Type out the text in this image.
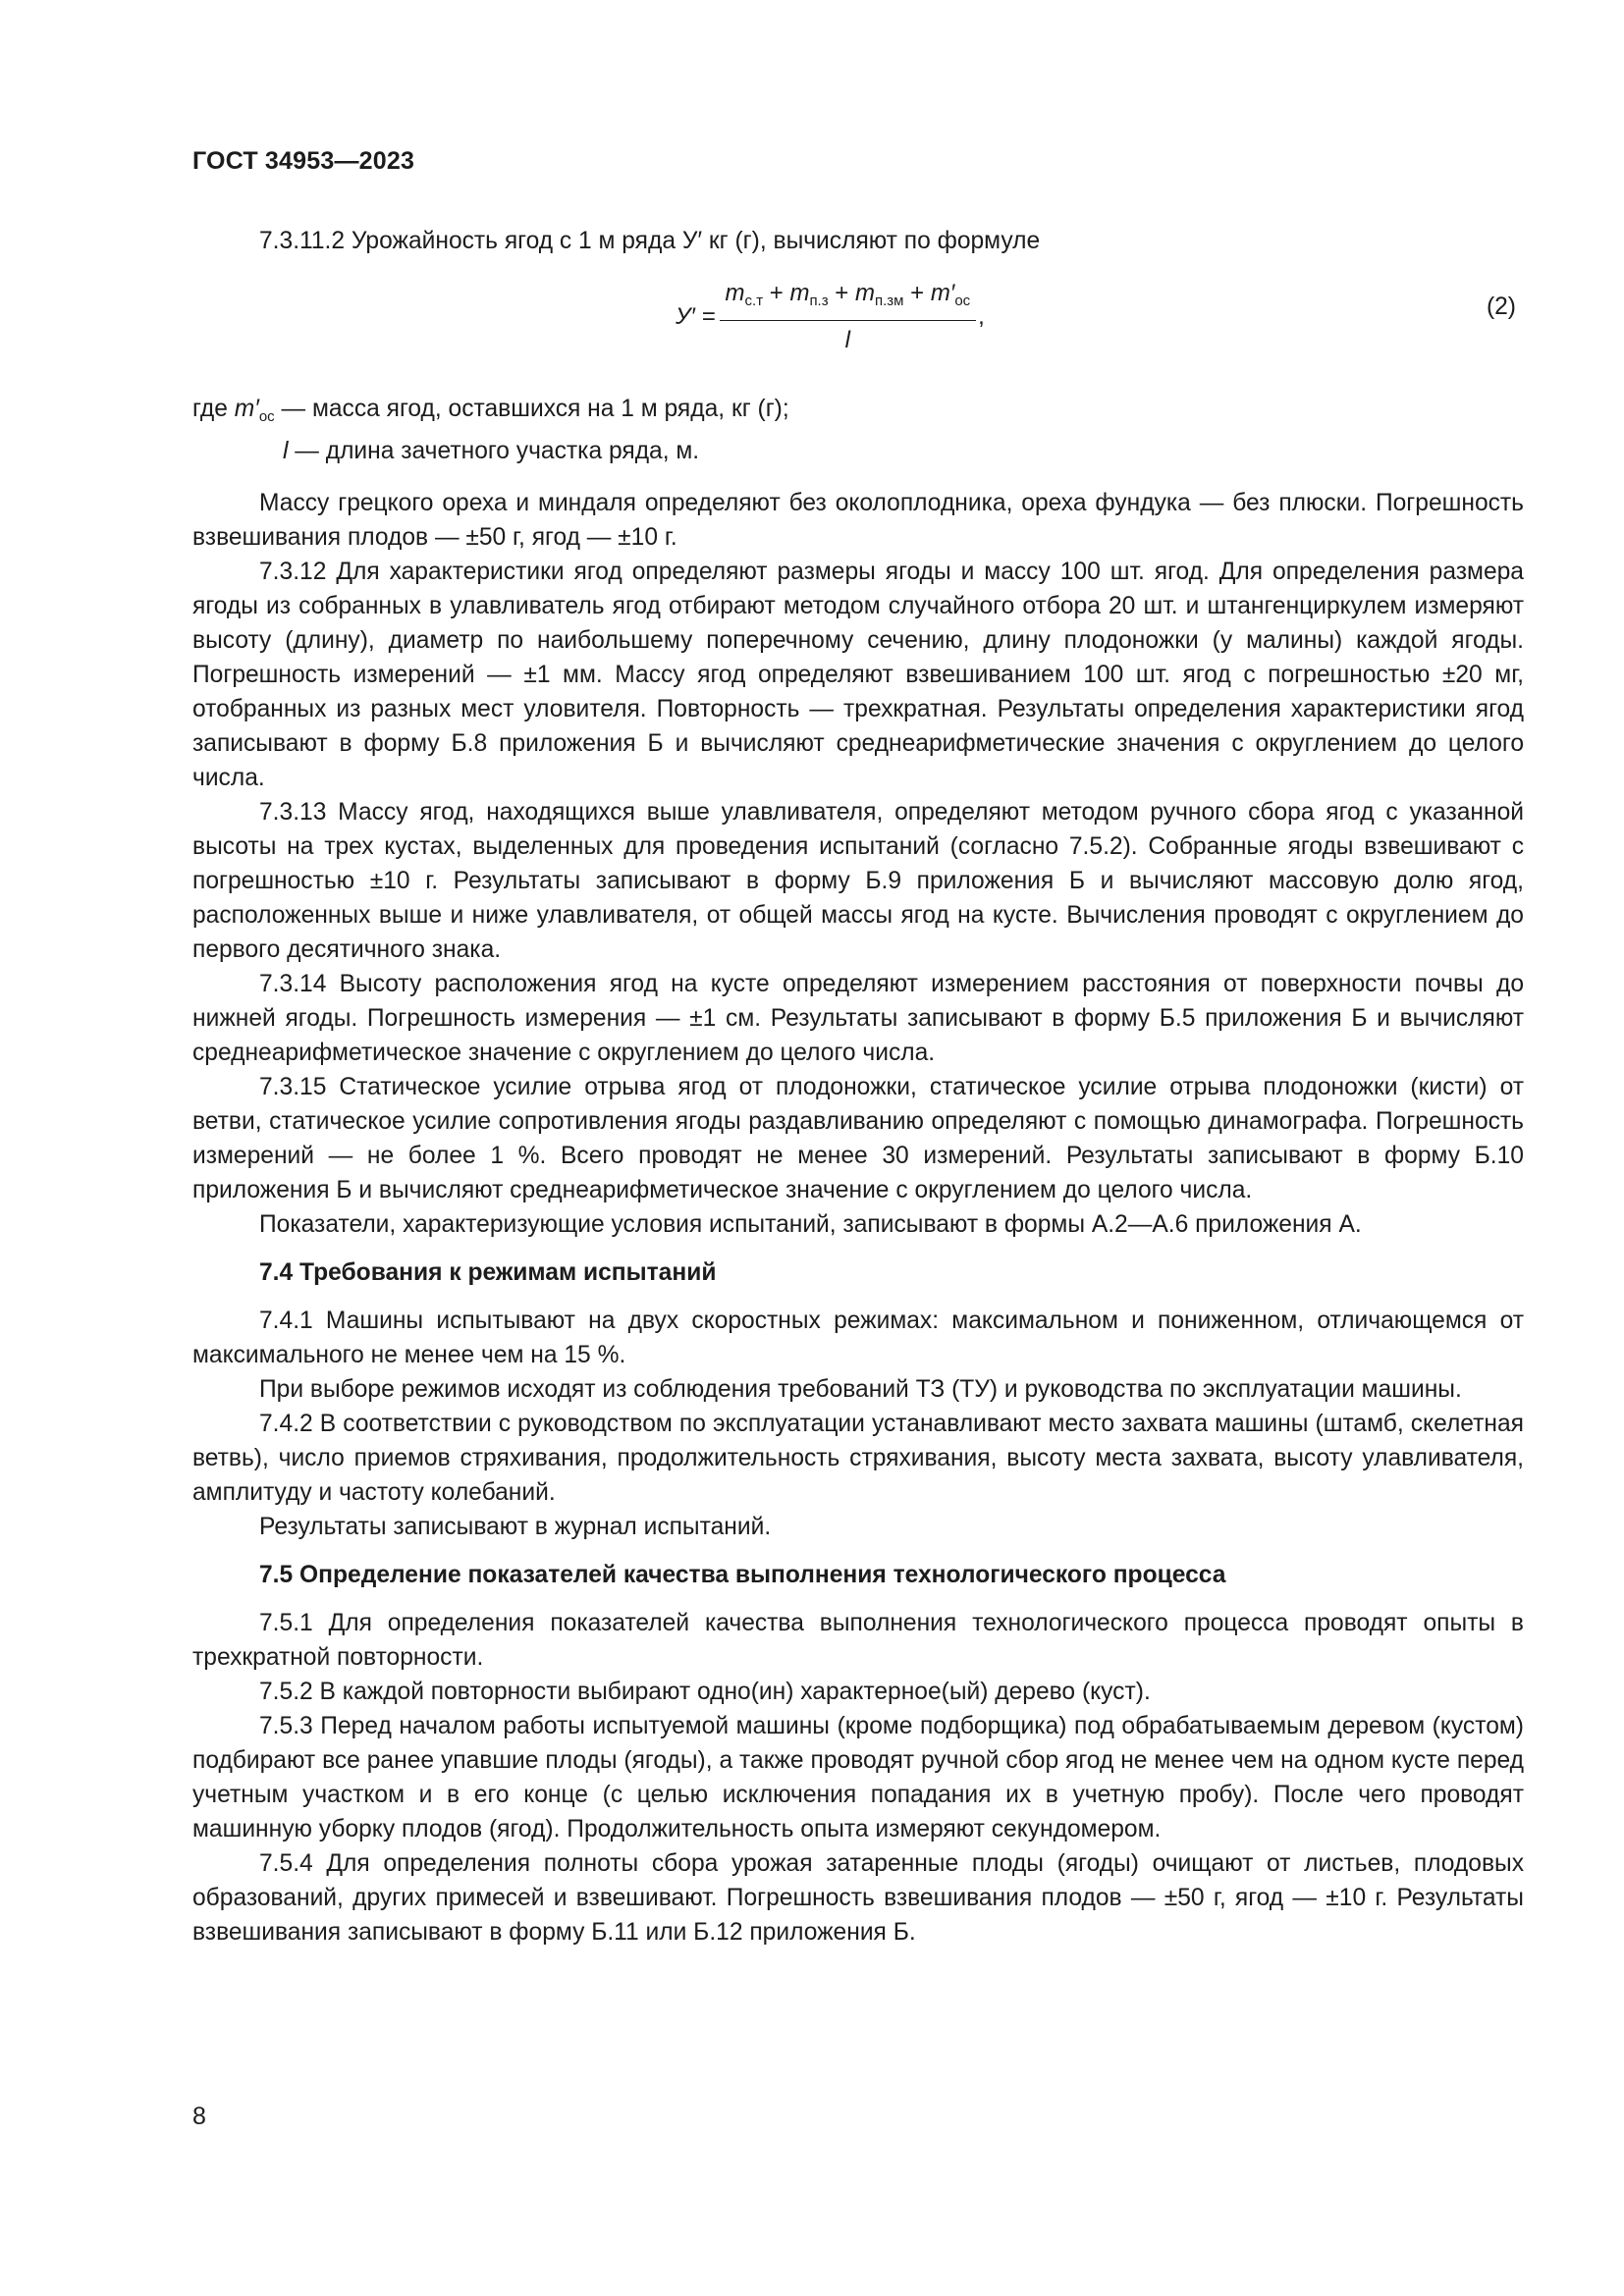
ГОСТ 34953—2023

7.3.11.2 Урожайность ягод с 1 м ряда У′ кг (г), вычисляют по формуле

$У' = \frac{m_{с.т} + m_{п.з} + m_{п.зм} + m'_{ос}}{l}$ ,	(2)

где $m'_{ос}$ — масса ягод, оставшихся на 1 м ряда, кг (г);

l — длина зачетного участка ряда, м.

Массу грецкого ореха и миндаля определяют без околоплодника, ореха фундука — без плюски. Погрешность взвешивания плодов — ±50 г, ягод — ±10 г.

7.3.12 Для характеристики ягод определяют размеры ягоды и массу 100 шт. ягод. Для определения размера ягоды из собранных в улавливатель ягод отбирают методом случайного отбора 20 шт. и штангенциркулем измеряют высоту (длину), диаметр по наибольшему поперечному сечению, длину плодоножки (у малины) каждой ягоды. Погрешность измерений — ±1 мм. Массу ягод определяют взвешиванием 100 шт. ягод с погрешностью ±20 мг, отобранных из разных мест уловителя. Повторность — трехкратная. Результаты определения характеристики ягод записывают в форму Б.8 приложения Б и вычисляют среднеарифметические значения с округлением до целого числа.

7.3.13 Массу ягод, находящихся выше улавливателя, определяют методом ручного сбора ягод с указанной высоты на трех кустах, выделенных для проведения испытаний (согласно 7.5.2). Собранные ягоды взвешивают с погрешностью ±10 г. Результаты записывают в форму Б.9 приложения Б и вычисляют массовую долю ягод, расположенных выше и ниже улавливателя, от общей массы ягод на кусте. Вычисления проводят с округлением до первого десятичного знака.

7.3.14 Высоту расположения ягод на кусте определяют измерением расстояния от поверхности почвы до нижней ягоды. Погрешность измерения — ±1 см. Результаты записывают в форму Б.5 приложения Б и вычисляют среднеарифметическое значение с округлением до целого числа.

7.3.15 Статическое усилие отрыва ягод от плодоножки, статическое усилие отрыва плодоножки (кисти) от ветви, статическое усилие сопротивления ягоды раздавливанию определяют с помощью динамографа. Погрешность измерений — не более 1 %. Всего проводят не менее 30 измерений. Результаты записывают в форму Б.10 приложения Б и вычисляют среднеарифметическое значение с округлением до целого числа.

Показатели, характеризующие условия испытаний, записывают в формы А.2—А.6 приложения А.

7.4 Требования к режимам испытаний

7.4.1 Машины испытывают на двух скоростных режимах: максимальном и пониженном, отличающемся от максимального не менее чем на 15 %.

При выборе режимов исходят из соблюдения требований ТЗ (ТУ) и руководства по эксплуатации машины.

7.4.2 В соответствии с руководством по эксплуатации устанавливают место захвата машины (штамб, скелетная ветвь), число приемов стряхивания, продолжительность стряхивания, высоту места захвата, высоту улавливателя, амплитуду и частоту колебаний.

Результаты записывают в журнал испытаний.

7.5 Определение показателей качества выполнения технологического процесса

7.5.1 Для определения показателей качества выполнения технологического процесса проводят опыты в трехкратной повторности.

7.5.2 В каждой повторности выбирают одно(ин) характерное(ый) дерево (куст).

7.5.3 Перед началом работы испытуемой машины (кроме подборщика) под обрабатываемым деревом (кустом) подбирают все ранее упавшие плоды (ягоды), а также проводят ручной сбор ягод не менее чем на одном кусте перед учетным участком и в его конце (с целью исключения попадания их в учетную пробу). После чего проводят машинную уборку плодов (ягод). Продолжительность опыта измеряют секундомером.

7.5.4 Для определения полноты сбора урожая затаренные плоды (ягоды) очищают от листьев, плодовых образований, других примесей и взвешивают. Погрешность взвешивания плодов — ±50 г, ягод — ±10 г. Результаты взвешивания записывают в форму Б.11 или Б.12 приложения Б.

8
